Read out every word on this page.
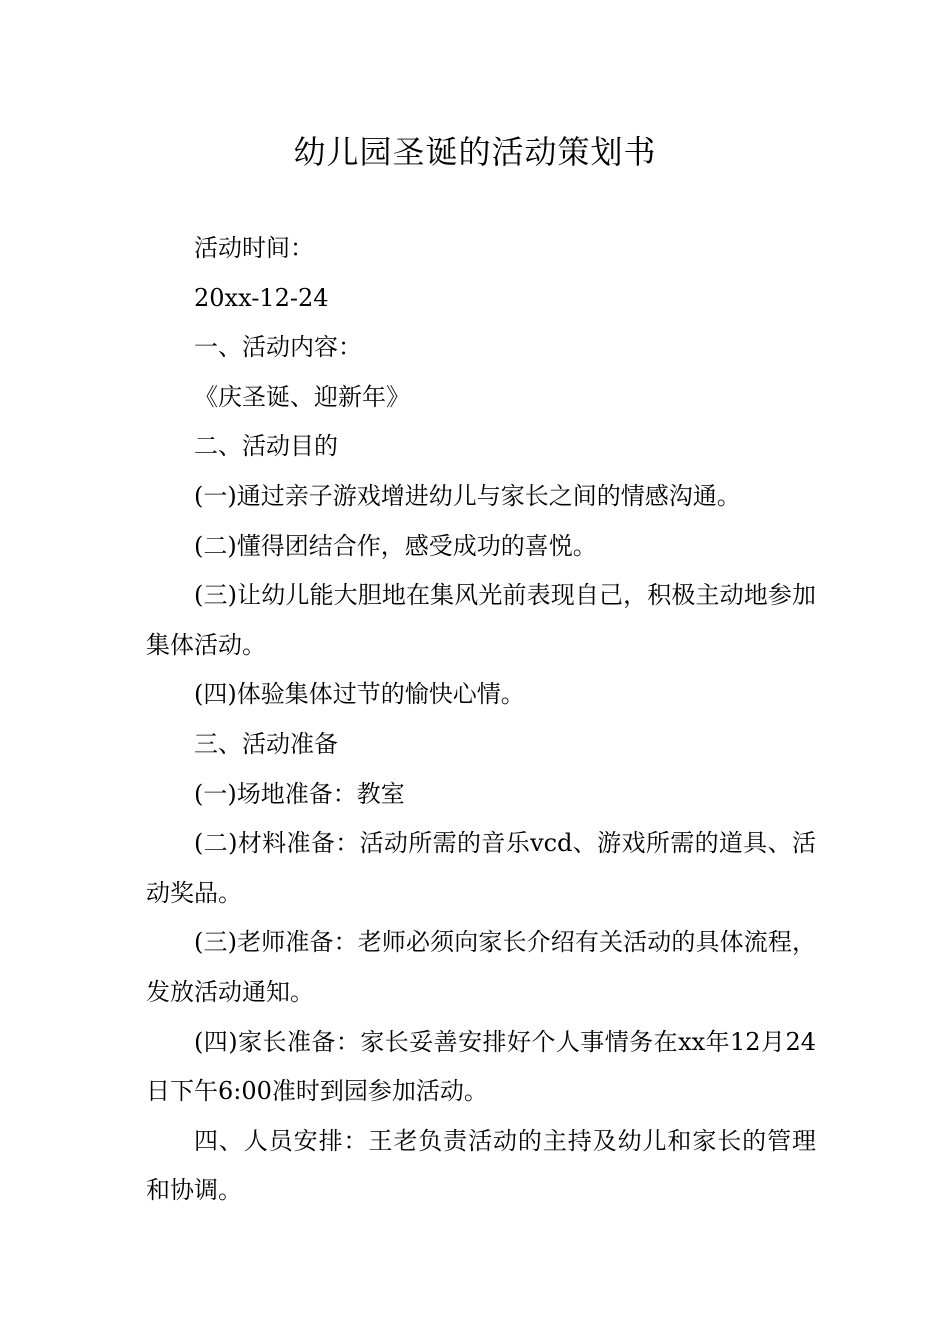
幼儿园圣诞的活动策划书

活动时间：

20xx-12-24

一、活动内容：

《庆圣诞、迎新年》

二、活动目的

(一)通过亲子游戏增进幼儿与家长之间的情感沟通。

(二)懂得团结合作，感受成功的喜悦。

(三)让幼儿能大胆地在集风光前表现自己，积极主动地参加集体活动。

(四)体验集体过节的愉快心情。

三、活动准备

(一)场地准备：教室

(二)材料准备：活动所需的音乐vcd、游戏所需的道具、活动奖品。

(三)老师准备：老师必须向家长介绍有关活动的具体流程，发放活动通知。

(四)家长准备：家长妥善安排好个人事情务在xx年12月24日下午6:00准时到园参加活动。

四、人员安排：王老负责活动的主持及幼儿和家长的管理和协调。
